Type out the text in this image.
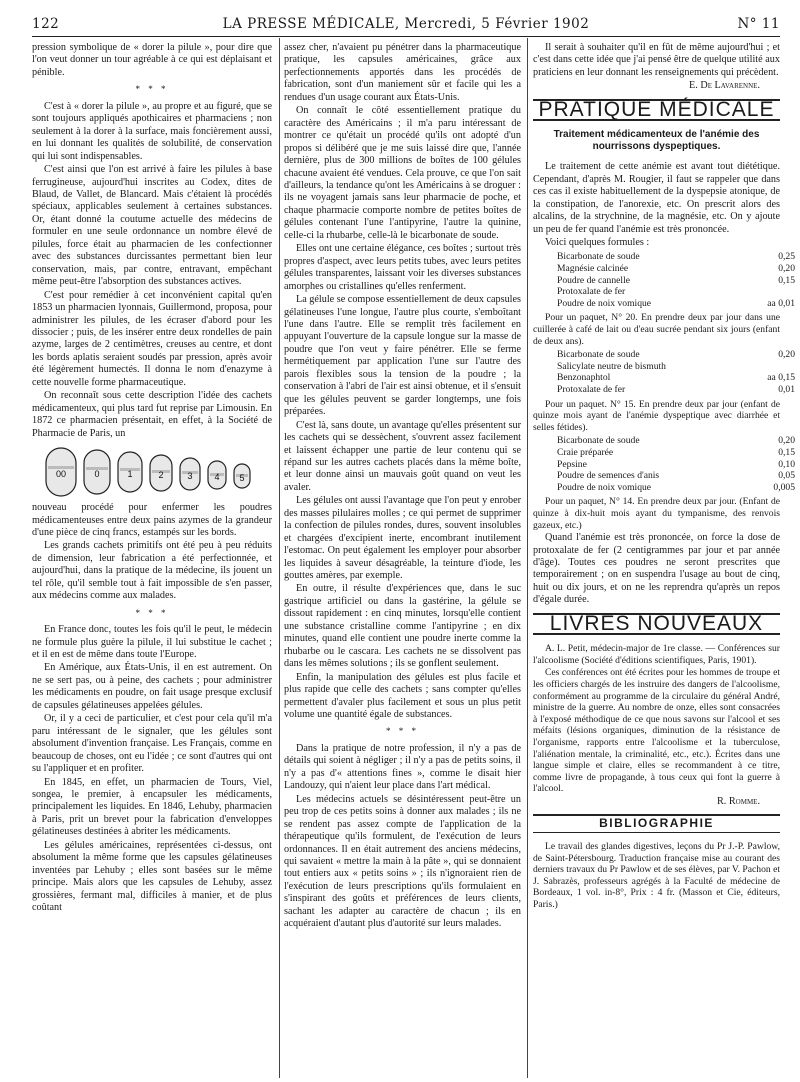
122	LA PRESSE MÉDICALE, Mercredi, 5 Février 1902	N° 11

pression symbolique de « dorer la pilule », pour dire que l'on veut donner un tour agréable à ce qui est déplaisant et pénible.

* * *

C'est à « dorer la pilule », au propre et au figuré, que se sont toujours appliqués apothicaires et pharmaciens ; non seulement à la dorer à la surface, mais foncièrement aussi, en lui donnant les qualités de solubilité, de conservation qui lui sont indispensables.

C'est ainsi que l'on est arrivé à faire les pilules à base ferrugineuse, aujourd'hui inscrites au Codex, dites de Blaud, de Vallet, de Blancard. Mais c'étaient là procédés spéciaux, applicables seulement à certaines substances. Or, étant donné la coutume actuelle des médecins de formuler en une seule ordonnance un nombre élevé de pilules, force était au pharmacien de les confectionner avec des substances durcissantes permettant bien leur conservation, mais, par contre, entravant, empêchant même peut-être l'absorption des substances actives.

C'est pour remédier à cet inconvénient capital qu'en 1853 un pharmacien lyonnais, Guillermond, proposa, pour administrer les pilules, de les écraser d'abord pour les dissocier ; puis, de les insérer entre deux rondelles de pain azyme, larges de 2 centimètres, creuses au centre, et dont les bords aplatis seraient soudés par pression, après avoir été légèrement humectés. Il donna le nom d'enazyme à cette nouvelle forme pharmaceutique.

On reconnaît sous cette description l'idée des cachets médicamenteux, qui plus tard fut reprise par Limousin. En 1872 ce pharmacien présentait, en effet, à la Société de Pharmacie de Paris, un

00	0	1	2	3 4 5

nouveau procédé pour enfermer les poudres médicamenteuses entre deux pains azymes de la grandeur d'une pièce de cinq francs, estampés sur les bords.

Les grands cachets primitifs ont été peu à peu réduits de dimension, leur fabrication a été perfectionnée, et aujourd'hui, dans la pratique de la médecine, ils jouent un tel rôle, qu'il semble tout à fait impossible de s'en passer, aux médecins comme aux malades.

* * *

En France donc, toutes les fois qu'il le peut, le médecin ne formule plus guère la pilule, il lui substitue le cachet ; et il en est de même dans toute l'Europe.

En Amérique, aux États-Unis, il en est autrement. On ne se sert pas, ou à peine, des cachets ; pour administrer les médicaments en poudre, on fait usage presque exclusif de capsules gélatineuses appelées gélules.

Or, il y a ceci de particulier, et c'est pour cela qu'il m'a paru intéressant de le signaler, que les gélules sont absolument d'invention française. Les Français, comme en beaucoup de choses, ont eu l'idée ; ce sont d'autres qui ont su l'appliquer et en profiter.

En 1845, en effet, un pharmacien de Tours, Viel, songea, le premier, à encapsuler les médicaments, principalement les liquides. En 1846, Lehuby, pharmacien à Paris, prit un brevet pour la fabrication d'enveloppes gélatineuses destinées à abriter les médicaments.

Les gélules américaines, représentées ci-dessus, ont absolument la même forme que les capsules gélatineuses inventées par Lehuby ; elles sont basées sur le même principe. Mais alors que les capsules de Lehuby, assez grossières, fermant mal, difficiles à manier, et de plus coûtant

assez cher, n'avaient pu pénétrer dans la pharmaceutique pratique, les capsules américaines, grâce aux perfectionnements apportés dans les procédés de fabrication, sont d'un maniement sûr et facile qui les a rendues d'un usage courant aux États-Unis.

On connaît le côté essentiellement pratique du caractère des Américains ; il m'a paru intéressant de montrer ce qu'était un procédé qu'ils ont adopté d'un propos si délibéré que je me suis laissé dire que, l'année dernière, plus de 300 millions de boîtes de 100 gélules chacune avaient été vendues. Cela prouve, ce que l'on sait d'ailleurs, la tendance qu'ont les Américains à se droguer : ils ne voyagent jamais sans leur pharmacie de poche, et chaque pharmacie comporte nombre de petites boîtes de gélules contenant l'une l'antipyrine, l'autre la quinine, celle-ci la rhubarbe, celle-là le bicarbonate de soude.

Elles ont une certaine élégance, ces boîtes ; surtout très propres d'aspect, avec leurs petits tubes, avec leurs petites gélules transparentes, laissant voir les diverses substances amorphes ou cristallines qu'elles renferment.

La gélule se compose essentiellement de deux capsules gélatineuses l'une longue, l'autre plus courte, s'emboîtant l'une dans l'autre. Elle se remplit très facilement en appuyant l'ouverture de la capsule longue sur la masse de poudre que l'on veut y faire pénétrer. Elle se ferme hermétiquement par application l'une sur l'autre des parois flexibles sous la tension de la poudre ; la conservation à l'abri de l'air est ainsi obtenue, et il s'ensuit que les gélules peuvent se garder longtemps, une fois préparées.

C'est là, sans doute, un avantage qu'elles présentent sur les cachets qui se dessèchent, s'ouvrent assez facilement et laissent échapper une partie de leur contenu qui se répand sur les autres cachets placés dans la même boîte, et leur donne ainsi un mauvais goût quand on veut les avaler.

Les gélules ont aussi l'avantage que l'on peut y enrober des masses pilulaires molles ; ce qui permet de supprimer la confection de pilules rondes, dures, souvent insolubles et chargées d'excipient inerte, encombrant inutilement l'estomac. On peut également les employer pour absorber les liquides à saveur désagréable, la teinture d'iode, les gouttes amères, par exemple.

En outre, il résulte d'expériences que, dans le suc gastrique artificiel ou dans la gastérine, la gélule se dissout rapidement : en cinq minutes, lorsqu'elle contient une substance cristalline comme l'antipyrine ; en dix minutes, quand elle contient une poudre inerte comme la rhubarbe ou le cascara. Les cachets ne se dissolvent pas dans les mêmes solutions ; ils se gonflent seulement.

Enfin, la manipulation des gélules est plus facile et plus rapide que celle des cachets ; sans compter qu'elles permettent d'avaler plus facilement et sous un plus petit volume une quantité égale de substances.

* * *

Dans la pratique de notre profession, il n'y a pas de détails qui soient à négliger ; il n'y a pas de petits soins, il n'y a pas d'« attentions fines », comme le disait hier Landouzy, qui n'aient leur place dans l'art médical.

Les médecins actuels se désintéressent peut-être un peu trop de ces petits soins à donner aux malades ; ils ne se rendent pas assez compte de l'application de la thérapeutique qu'ils formulent, de l'exécution de leurs ordonnances. Il en était autrement des anciens médecins, qui savaient « mettre la main à la pâte », qui se donnaient tout entiers aux « petits soins » ; ils n'ignoraient rien de l'exécution de leurs prescriptions qu'ils formulaient en s'inspirant des goûts et préférences de leurs clients, sachant les adapter au caractère de chacun ; ils en acquéraient d'autant plus d'autorité sur leurs malades.

Il serait à souhaiter qu'il en fût de même aujourd'hui ; et c'est dans cette idée que j'ai pensé être de quelque utilité aux praticiens en leur donnant les renseignements qui précèdent.

E. De Lavarenne.
PRATIQUE MÉDICALE
Traitement médicamenteux de l'anémie des nourrissons dyspeptiques.

Le traitement de cette anémie est avant tout diététique. Cependant, d'après M. Rougier, il faut se rappeler que dans ces cas il existe habituellement de la dyspepsie atonique, de la constipation, de l'anorexie, etc. On prescrit alors des alcalins, de la strychnine, de la magnésie, etc. On y ajoute un peu de fer quand l'anémie est très prononcée.

Voici quelques formules :

Bicarbonate de soude	0,25
Magnésie calcinée	0,20
Poudre de cannelle	0,15
Protoxalate de fer
Poudre de noix vomique	aa 0,01

Pour un paquet, N° 20. En prendre deux par jour dans une cuillerée à café de lait ou d'eau sucrée pendant six jours (enfant de deux ans).

Bicarbonate de soude	0,20
Salicylate neutre de bismuth
Benzonaphtol	aa 0,15
Protoxalate de fer	0,01

Pour un paquet. N° 15. En prendre deux par jour (enfant de quinze mois ayant de l'anémie dyspeptique avec diarrhée et selles fétides).

Bicarbonate de soude	0,20
Craie préparée	0,15
Pepsine	0,10
Poudre de semences d'anis	0,05
Poudre de noix vomique	0,005

Pour un paquet, N° 14. En prendre deux par jour. (Enfant de quinze à dix-huit mois ayant du tympanisme, des renvois gazeux, etc.)

Quand l'anémie est très prononcée, on force la dose de protoxalate de fer (2 centigrammes par jour et par année d'âge). Toutes ces poudres ne seront prescrites que temporairement ; on en suspendra l'usage au bout de cinq, huit ou dix jours, et on ne les reprendra qu'après un repos d'égale durée.

LIVRES NOUVEAUX

A. L. Petit, médecin-major de 1re classe. — Conférences sur l'alcoolisme (Société d'éditions scientifiques, Paris, 1901).

Ces conférences ont été écrites pour les hommes de troupe et les officiers chargés de les instruire des dangers de l'alcoolisme, conformément au programme de la circulaire du général André, ministre de la guerre. Au nombre de onze, elles sont consacrées à l'exposé méthodique de ce que nous savons sur l'alcool et ses méfaits (lésions organiques, diminution de la résistance de l'organisme, rapports entre l'alcoolisme et la tuberculose, l'aliénation mentale, la criminalité, etc., etc.). Écrites dans une langue simple et claire, elles se recommandent à ce titre, comme livre de propagande, à tous ceux qui font la guerre à l'alcool.

R. Romme.
BIBLIOGRAPHIE

Le travail des glandes digestives, leçons du Pr J.-P. Pawlow, de Saint-Pétersbourg. Traduction française mise au courant des derniers travaux du Pr Pawlow et de ses élèves, par V. Pachon et J. Sabrazès, professeurs agrégés à la Faculté de médecine de Bordeaux, 1 vol. in-8°, Prix : 4 fr. (Masson et Cie, éditeurs, Paris.)
